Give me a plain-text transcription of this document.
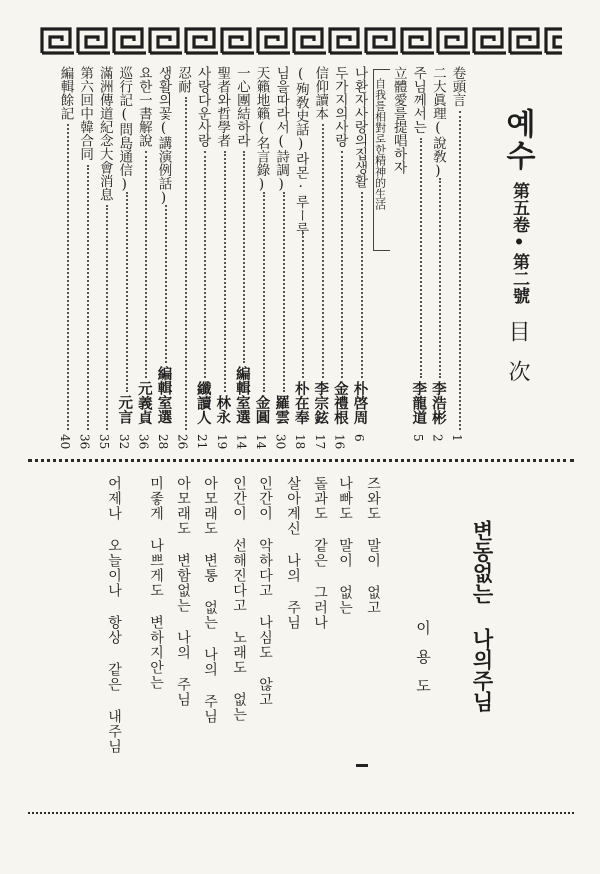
예수
第五卷•第二號
目次
卷頭言
1
二大眞理(說敎)
李浩彬
2
주님께서는
李龍道
5
立體愛를提唱하자
自我를相對로한精神的生活
나환자사랑의집생활
朴啓周
6
두가지의사랑
金禮根
16
信仰讀本
李宗鉉
17
(殉敎史話)라몬·루ー루
朴在奉
18
님을따라서(詩調)
羅雲
30
天籟地籟(名言錄)
金圓
14
一心團結하라
編輯室選
14
聖者와哲學者
林永
19
사랑다운사랑
纖讀人
21
忍耐
26
생활의꽃(講演例話)
編輯室選
28
요한一書解說
元義貞
36
巡行記(問島通信)
元言
32
滿洲傳道紀念大會消息
35
第六回中韓合同
36
編輯餘記
40
변동없는 나의주님
이용도
즈와도 말이 없고
나빠도 말이 없는
돌과도 같은 그러나
살아계신 나의 주님
인간이 악하다고 나심도 않고
인간이 선해진다고 노래도 없는
아모래도 변통 없는 나의 주님
아모래도 변함없는 나의 주님
미좋게 나쁘게도 변하지안는
어제나 오늘이나 항상 같은 내주님
